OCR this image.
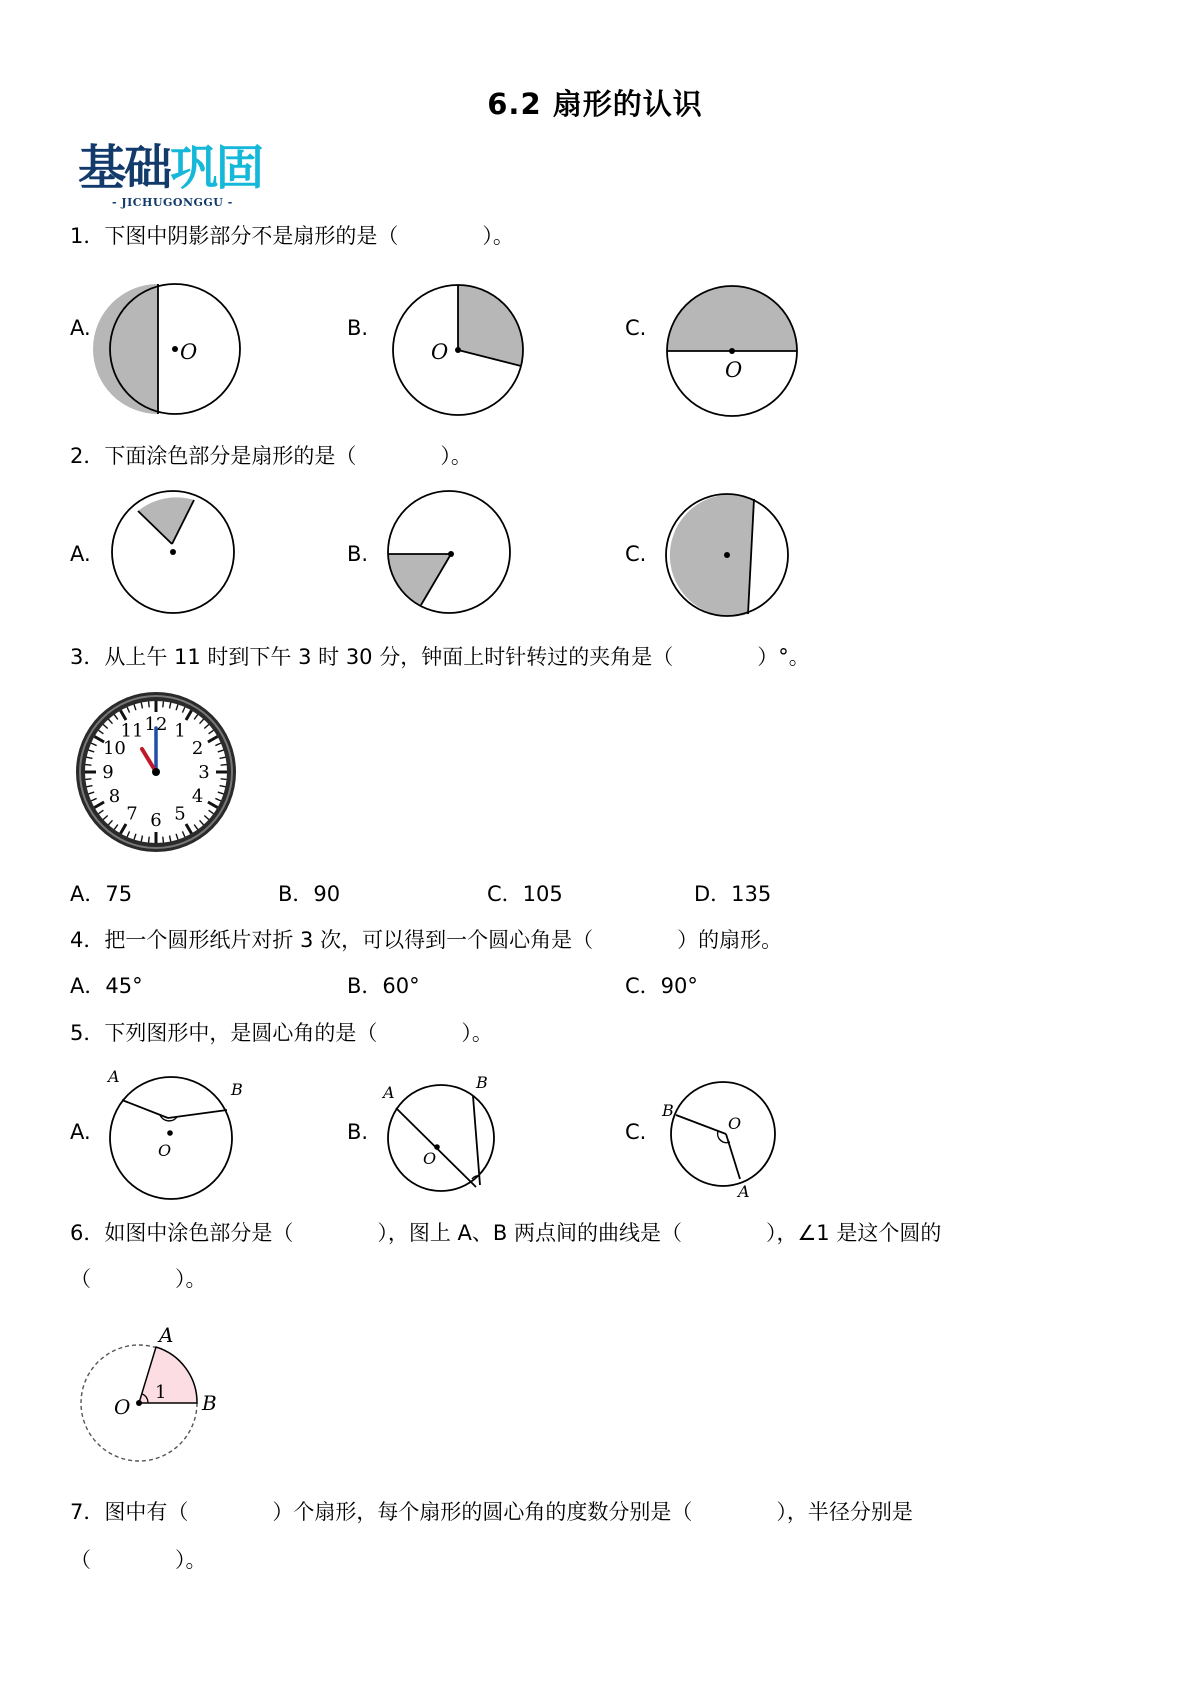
6.2 扇形的认识
基础巩固
- JICHUGONGGU -
1．下图中阴影部分不是扇形的是（　　　　）。
A.	B.	C.
O	O
O
2．下面涂色部分是扇形的是（　　　　）。
A.	B.	C.
3．从上午 11 时到下午 3 时 30 分，钟面上时针转过的夹角是（　　　　）°。
12 1
2
3
4
5
6
7
8
9
10
11
A．75	B．90	C．105	D．135
4．把一个圆形纸片对折 3 次，可以得到一个圆心角是（　　　　）的扇形。
A．45°	B．60°	C．90°
5．下列图形中，是圆心角的是（　　　　）。
A.	B.	C.
A
B
O
A
B
O
B
O
A
6．如图中涂色部分是（　　　　），图上 A、B 两点间的曲线是（　　　　），∠1 是这个圆的
（　　　　）。
A
B
O
1
7．图中有（　　　　）个扇形，每个扇形的圆心角的度数分别是（　　　　），半径分别是
（　　　　）。
